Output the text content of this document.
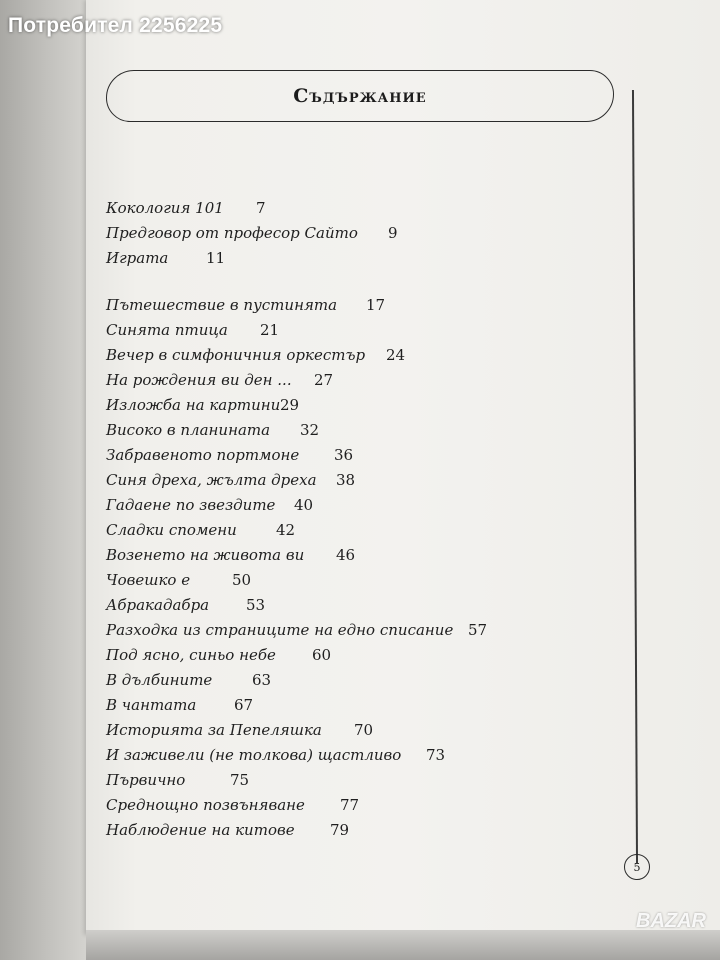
Потребител 2256225
Съдържание
Кокология 101 7
Предговор от професор Сайто 9
Играта	11
Пътешествие в пустинята 17
Синята птица 21
Вечер в симфоничния оркестър 24
На рождения ви ден ... 27
Изложба на картини 29
Високо в планината 32
Забравеното портмоне 36
Синя дреха, жълта дреха 38
Гадаене по звездите 40
Сладки спомени	42
Возенето на живота ви 46
Човешко е	50
Абракадабра 53
Разходка из страниците на едно списание 57
Под ясно, синьо небе 60
В дълбините	63
В чантата	67
Историята за Пепеляшка 70
И заживели (не толкова) щастливо 73
Първично	75
Среднощно позвъняване 77
Наблюдение на китове 79
5
BAZAR
